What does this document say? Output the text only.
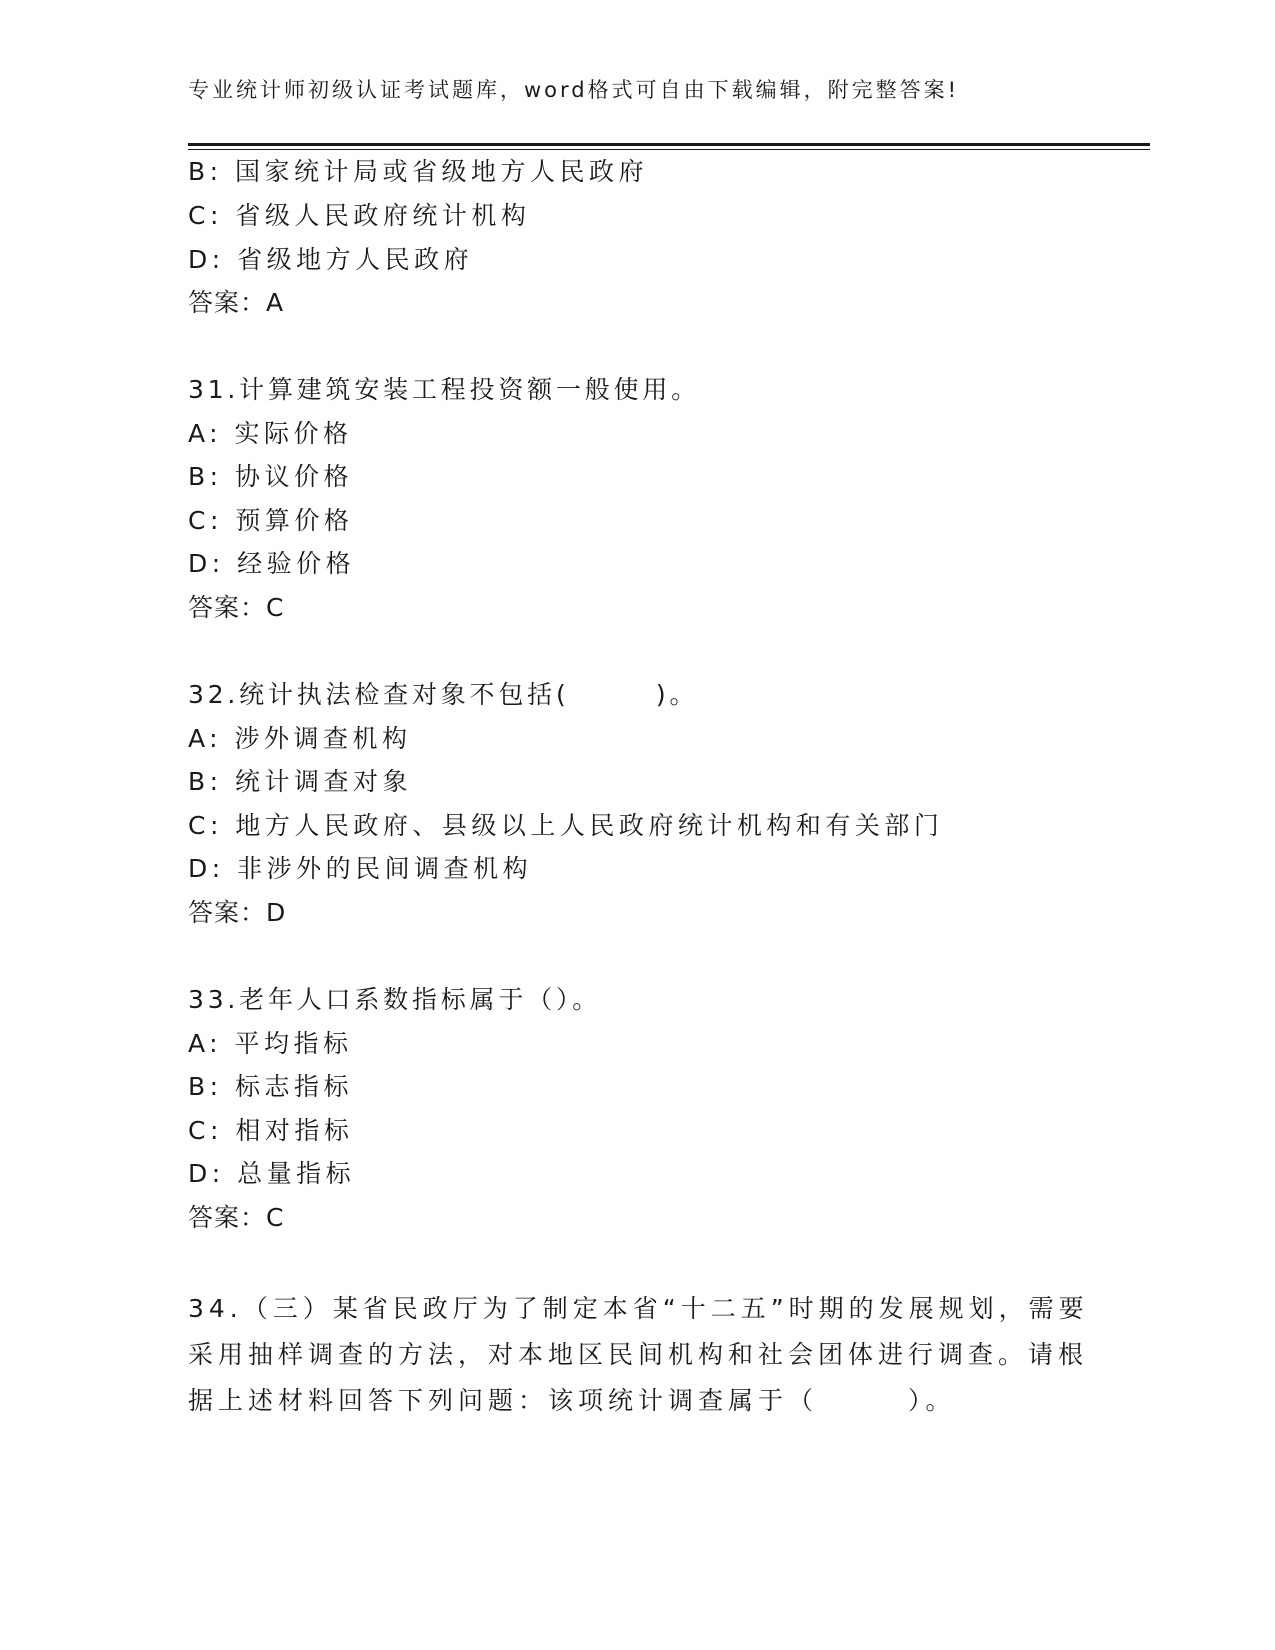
专业统计师初级认证考试题库，word格式可自由下载编辑，附完整答案!
B: 国家统计局或省级地方人民政府
C: 省级人民政府统计机构
D: 省级地方人民政府
答案：A
31.计算建筑安装工程投资额一般使用。
A: 实际价格
B: 协议价格
C: 预算价格
D: 经验价格
答案：C
32.统计执法检查对象不包括(　　　)。
A: 涉外调查机构
B: 统计调查对象
C: 地方人民政府、县级以上人民政府统计机构和有关部门
D: 非涉外的民间调查机构
答案：D
33.老年人口系数指标属于（）。
A: 平均指标
B: 标志指标
C: 相对指标
D: 总量指标
答案：C
34.（三）某省民政厅为了制定本省“十二五”时期的发展规划，需要
采用抽样调查的方法，对本地区民间机构和社会团体进行调查。请根
据上述材料回答下列问题：该项统计调查属于（　　　）。
